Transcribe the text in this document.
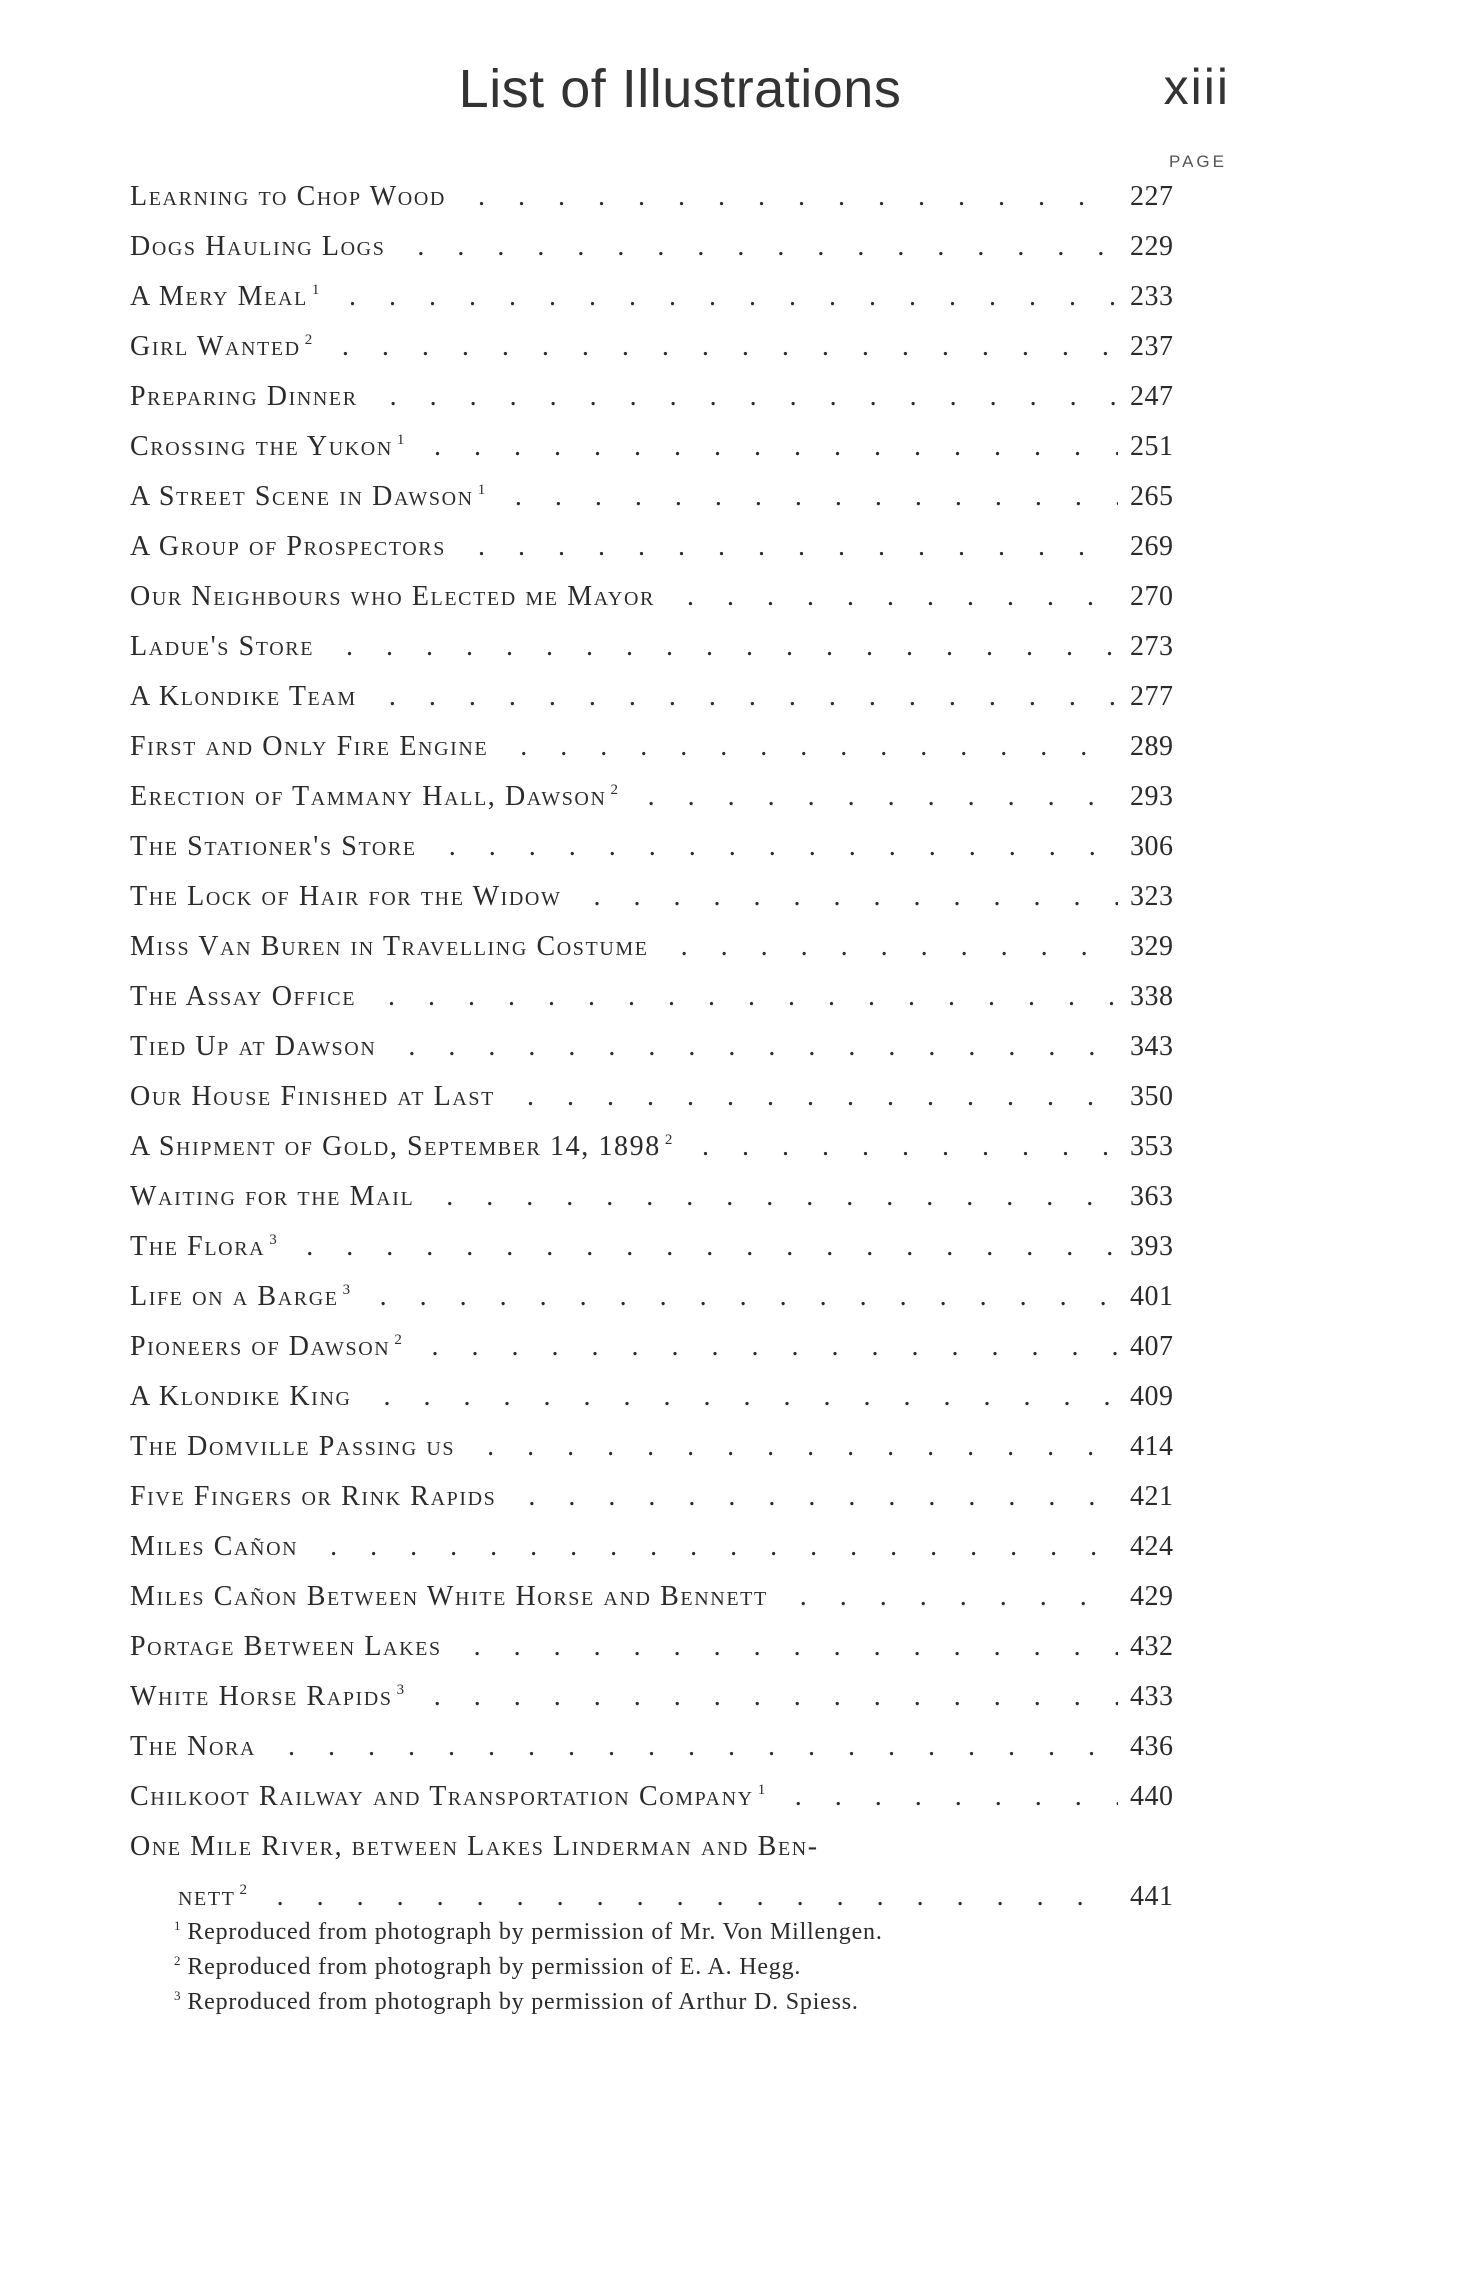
List of Illustrations	xiii
PAGE
Learning to Chop Wood . . .	227
Dogs Hauling Logs . . .	229
A Mery Meal $^1$ . . .	233
Girl Wanted $^2$ . . .	237
Preparing Dinner . . .	247
Crossing the Yukon $^1$ . . .	251
A Street Scene in Dawson $^1$ . . .	265
A Group of Prospectors . . .	269
Our Neighbours who Elected me Mayor . . .	270
Ladue's Store . . .	273
A Klondike Team . . .	277
First and Only Fire Engine . . .	289
Erection of Tammany Hall, Dawson $^2$ . . .	293
The Stationer's Store . . .	306
The Lock of Hair for the Widow . . .	323
Miss Van Buren in Travelling Costume . . .	329
The Assay Office . . .	338
Tied Up at Dawson . . .	343
Our House Finished at Last . . .	350
A Shipment of Gold, September 14, 1898 $^2$ . . .	353
Waiting for the Mail . . .	363
The Flora $^3$ . . .	393
Life on a Barge $^3$ . . .	401
Pioneers of Dawson $^2$ . . .	407
A Klondike King . . .	409
The Domville Passing us . . .	414
Five Fingers or Rink Rapids . . .	421
Miles Cañon . . .	424
Miles Cañon Between White Horse and Bennett . . .	429
Portage Between Lakes . . .	432
White Horse Rapids $^3$ . . .	433
The Nora . . .	436
Chilkoot Railway and Transportation Company $^1$ . . .	440
One Mile River, between Lakes Linderman and Ben-
nett $^2$ . . .	441
$^1$ Reproduced from photograph by permission of Mr. Von Millengen.
$^2$ Reproduced from photograph by permission of E. A. Hegg.
$^3$ Reproduced from photograph by permission of Arthur D. Spiess.
